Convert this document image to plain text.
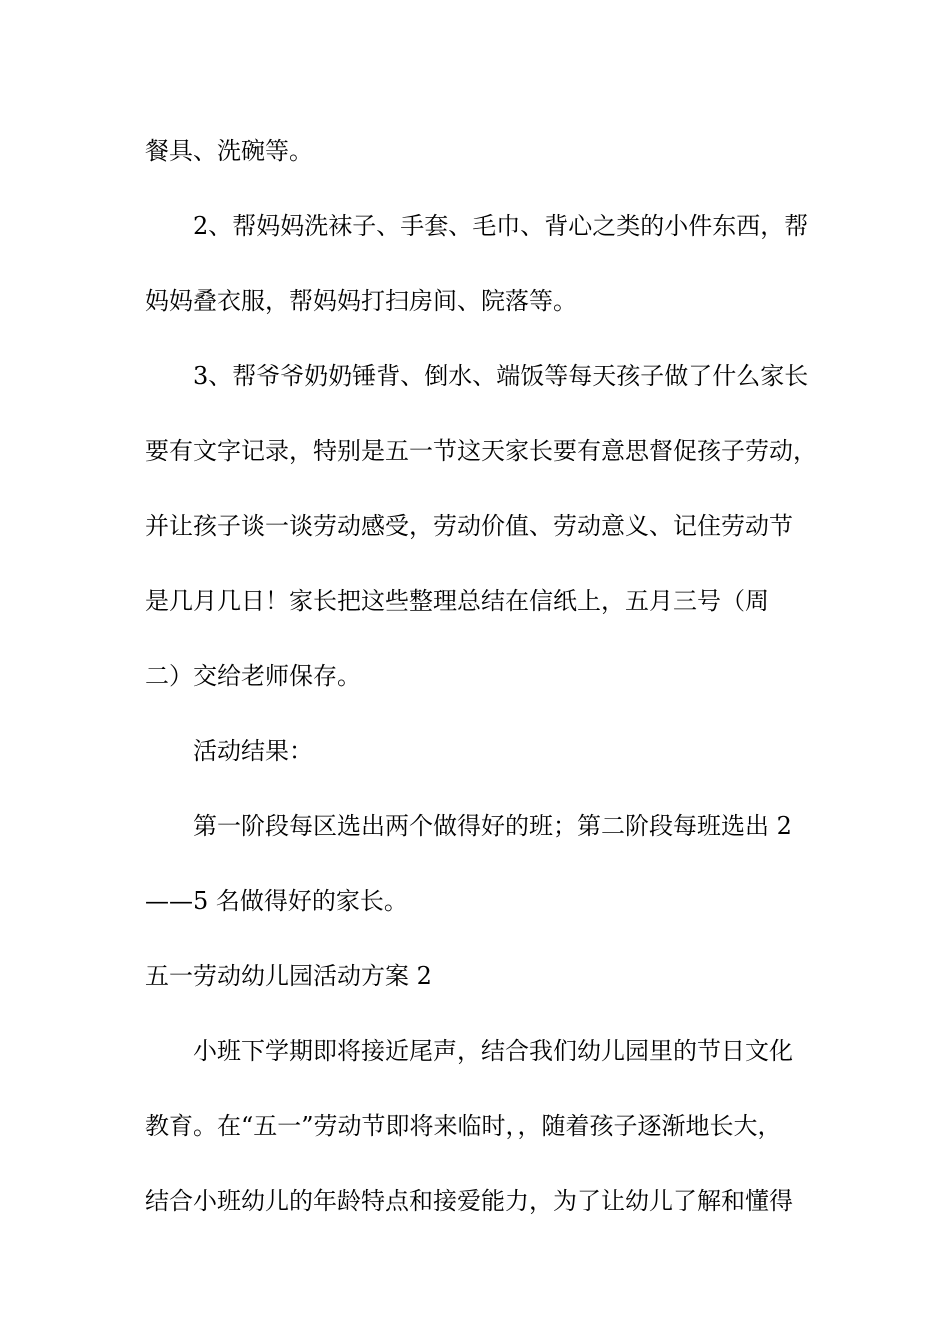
餐具、洗碗等。
2、帮妈妈洗袜子、手套、毛巾、背心之类的小件东西，帮
妈妈叠衣服，帮妈妈打扫房间、院落等。
3、帮爷爷奶奶锤背、倒水、端饭等每天孩子做了什么家长
要有文字记录，特别是五一节这天家长要有意思督促孩子劳动，
并让孩子谈一谈劳动感受，劳动价值、劳动意义、记住劳动节
是几月几日！家长把这些整理总结在信纸上，五月三号（周
二）交给老师保存。
活动结果：
第一阶段每区选出两个做得好的班；第二阶段每班选出 2
——5 名做得好的家长。
五一劳动幼儿园活动方案 2
小班下学期即将接近尾声，结合我们幼儿园里的节日文化
教育。在“五一”劳动节即将来临时，，随着孩子逐渐地长大，
结合小班幼儿的年龄特点和接爱能力，为了让幼儿了解和懂得
